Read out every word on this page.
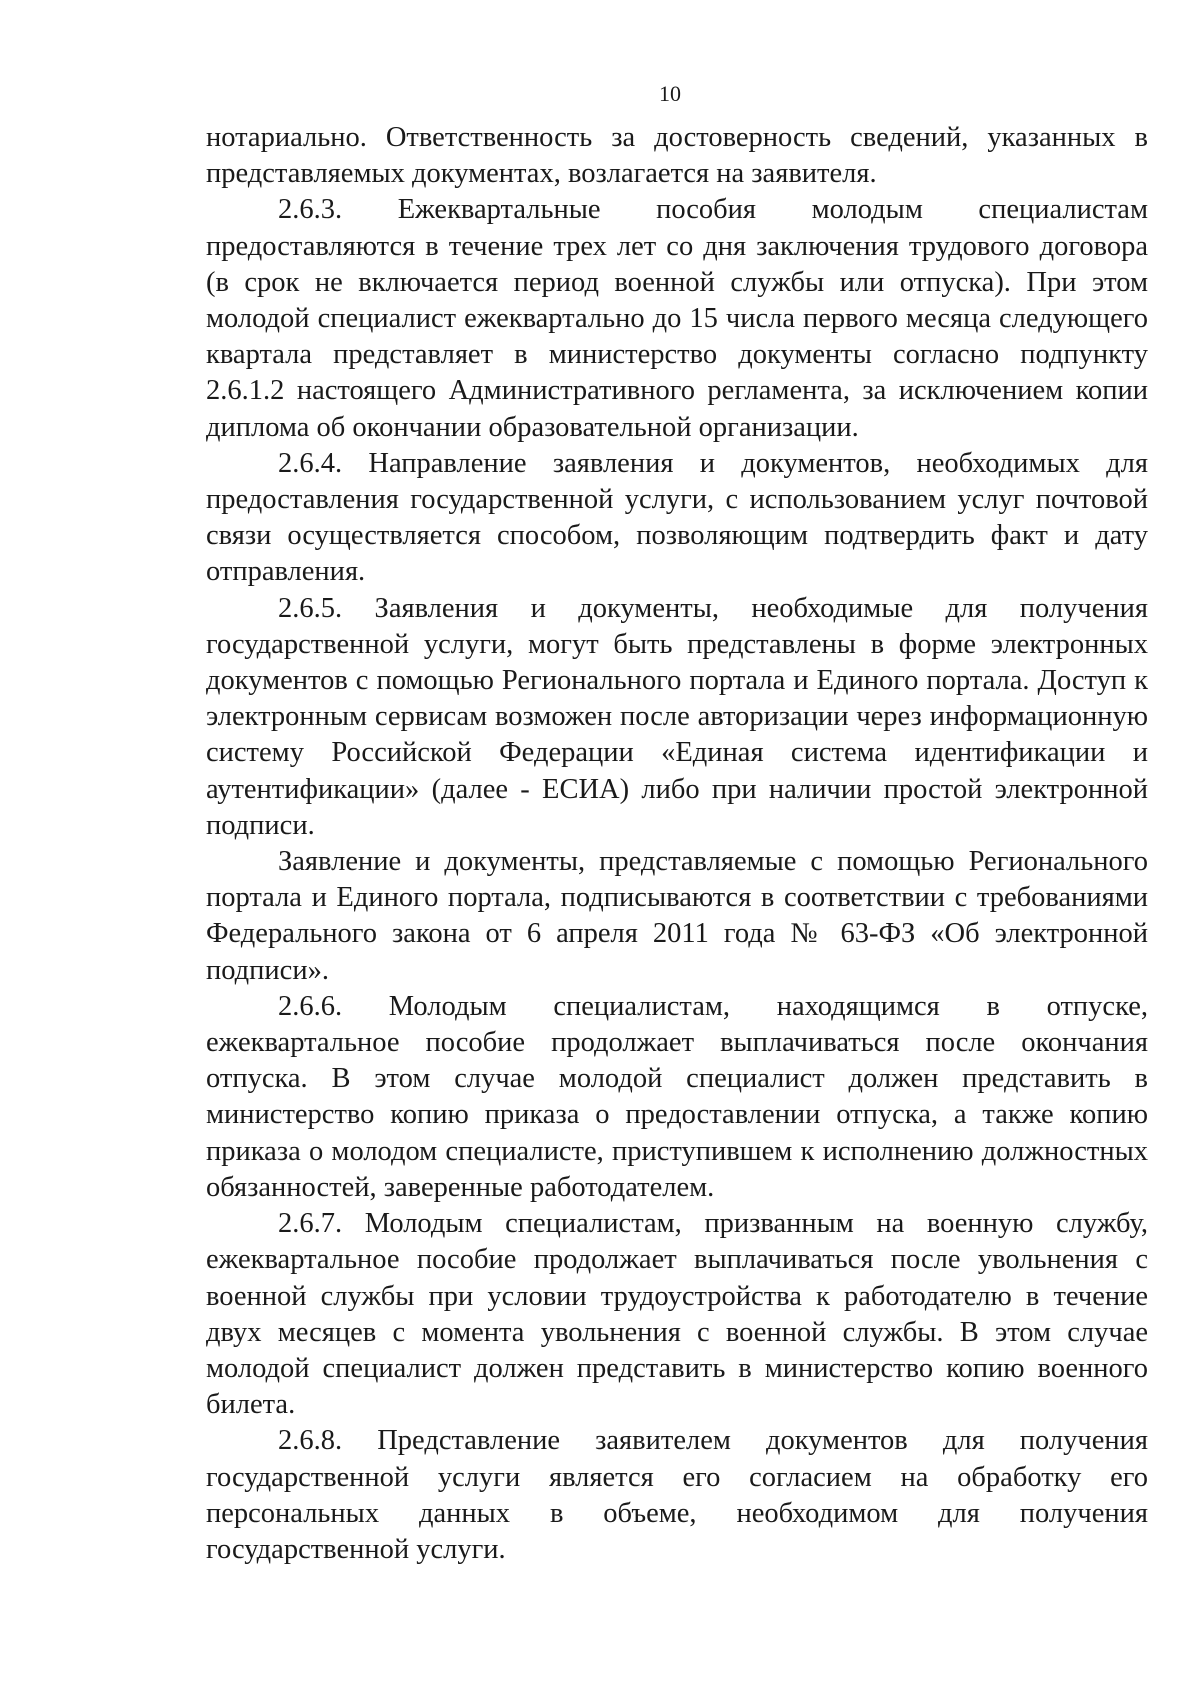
10

нотариально. Ответственность за достоверность сведений, указанных в представляемых документах, возлагается на заявителя.

2.6.3. Ежеквартальные пособия молодым специалистам предоставляются в течение трех лет со дня заключения трудового договора (в срок не включается период военной службы или отпуска). При этом молодой специалист ежеквартально до 15 числа первого месяца следующего квартала представляет в министерство документы согласно подпункту 2.6.1.2 настоящего Административного регламента, за исключением копии диплома об окончании образовательной организации.

2.6.4. Направление заявления и документов, необходимых для предоставления государственной услуги, с использованием услуг почтовой связи осуществляется способом, позволяющим подтвердить факт и дату отправления.

2.6.5. Заявления и документы, необходимые для получения государственной услуги, могут быть представлены в форме электронных документов с помощью Регионального портала и Единого портала. Доступ к электронным сервисам возможен после авторизации через информационную систему Российской Федерации «Единая система идентификации и аутентификации» (далее - ЕСИА) либо при наличии простой электронной подписи.

Заявление и документы, представляемые с помощью Регионального портала и Единого портала, подписываются в соответствии с требованиями Федерального закона от 6 апреля 2011 года № 63-ФЗ «Об электронной подписи».

2.6.6. Молодым специалистам, находящимся в отпуске, ежеквартальное пособие продолжает выплачиваться после окончания отпуска. В этом случае молодой специалист должен представить в министерство копию приказа о предоставлении отпуска, а также копию приказа о молодом специалисте, приступившем к исполнению должностных обязанностей, заверенные работодателем.

2.6.7. Молодым специалистам, призванным на военную службу, ежеквартальное пособие продолжает выплачиваться после увольнения с военной службы при условии трудоустройства к работодателю в течение двух месяцев с момента увольнения с военной службы. В этом случае молодой специалист должен представить в министерство копию военного билета.

2.6.8. Представление заявителем документов для получения государственной услуги является его согласием на обработку его персональных данных в объеме, необходимом для получения государственной услуги.
